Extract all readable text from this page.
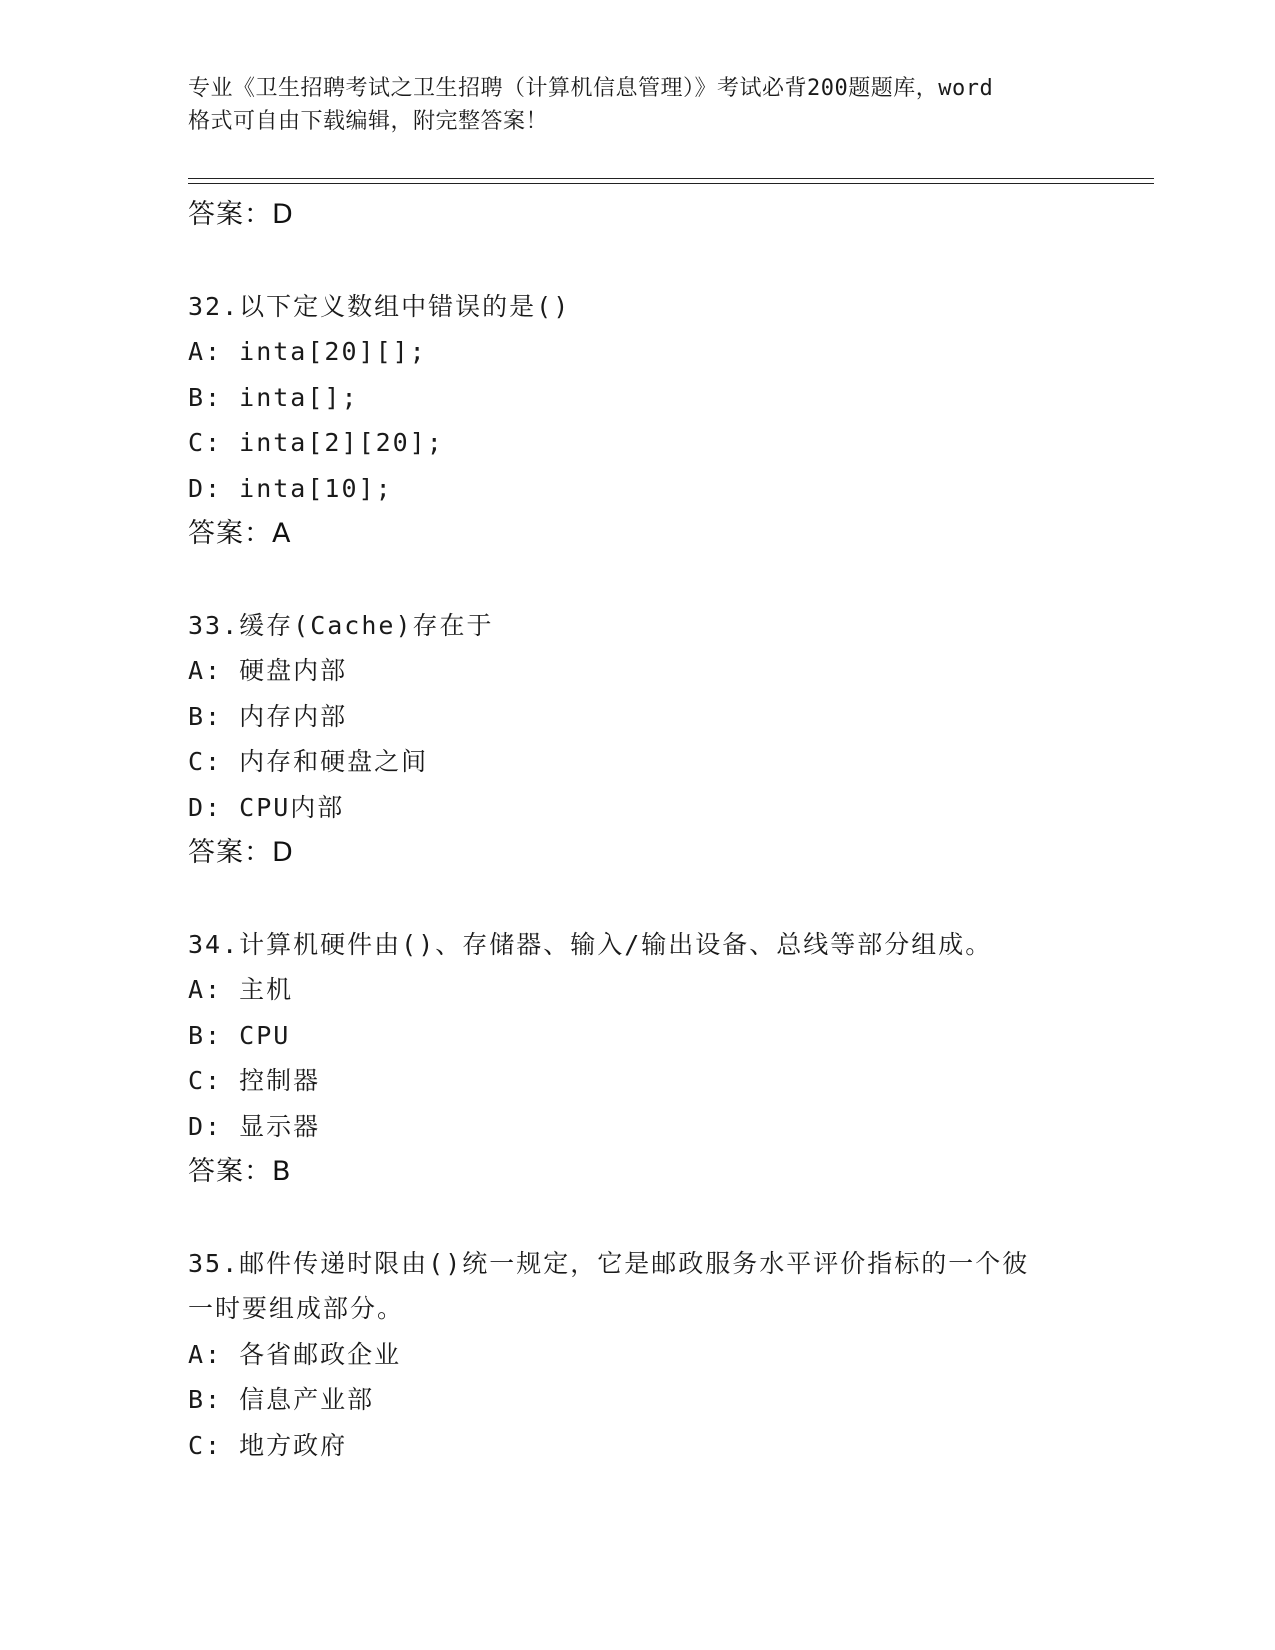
专业《卫生招聘考试之卫生招聘（计算机信息管理）》考试必背200题题库，word
格式可自由下载编辑，附完整答案！
答案：D
32.以下定义数组中错误的是()
A: inta[20][];
B: inta[];
C: inta[2][20];
D: inta[10];
答案：A
33.缓存(Cache)存在于
A: 硬盘内部
B: 内存内部
C: 内存和硬盘之间
D: CPU内部
答案：D
34.计算机硬件由()、存储器、输入/输出设备、总线等部分组成。
A: 主机
B: CPU
C: 控制器
D: 显示器
答案：B
35.邮件传递时限由()统一规定，它是邮政服务水平评价指标的一个彼
一时要组成部分。
A: 各省邮政企业
B: 信息产业部
C: 地方政府
